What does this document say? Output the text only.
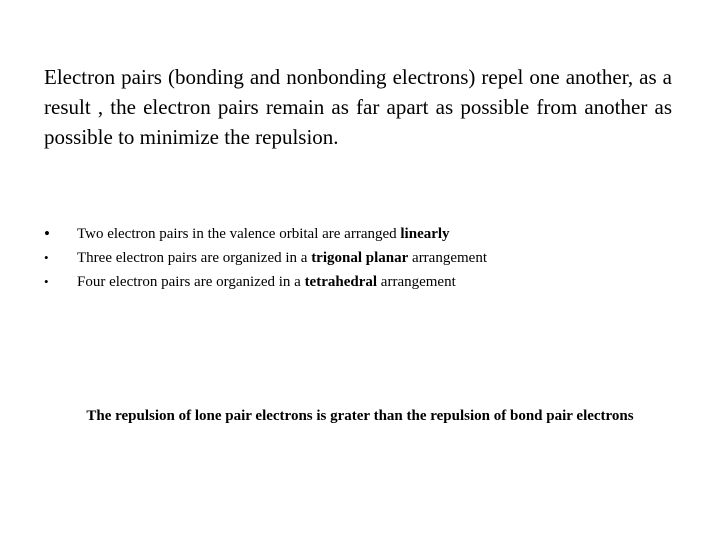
Electron pairs (bonding and nonbonding electrons) repel one another, as a result , the electron pairs remain as far apart as possible from another as possible to minimize the repulsion.

• Two electron pairs in the valence orbital are arranged linearly
•	Three electron pairs are organized in a trigonal planar arrangement
•	Four electron pairs are organized in a tetrahedral arrangement

The repulsion of lone pair electrons is grater than the repulsion of bond pair electrons
